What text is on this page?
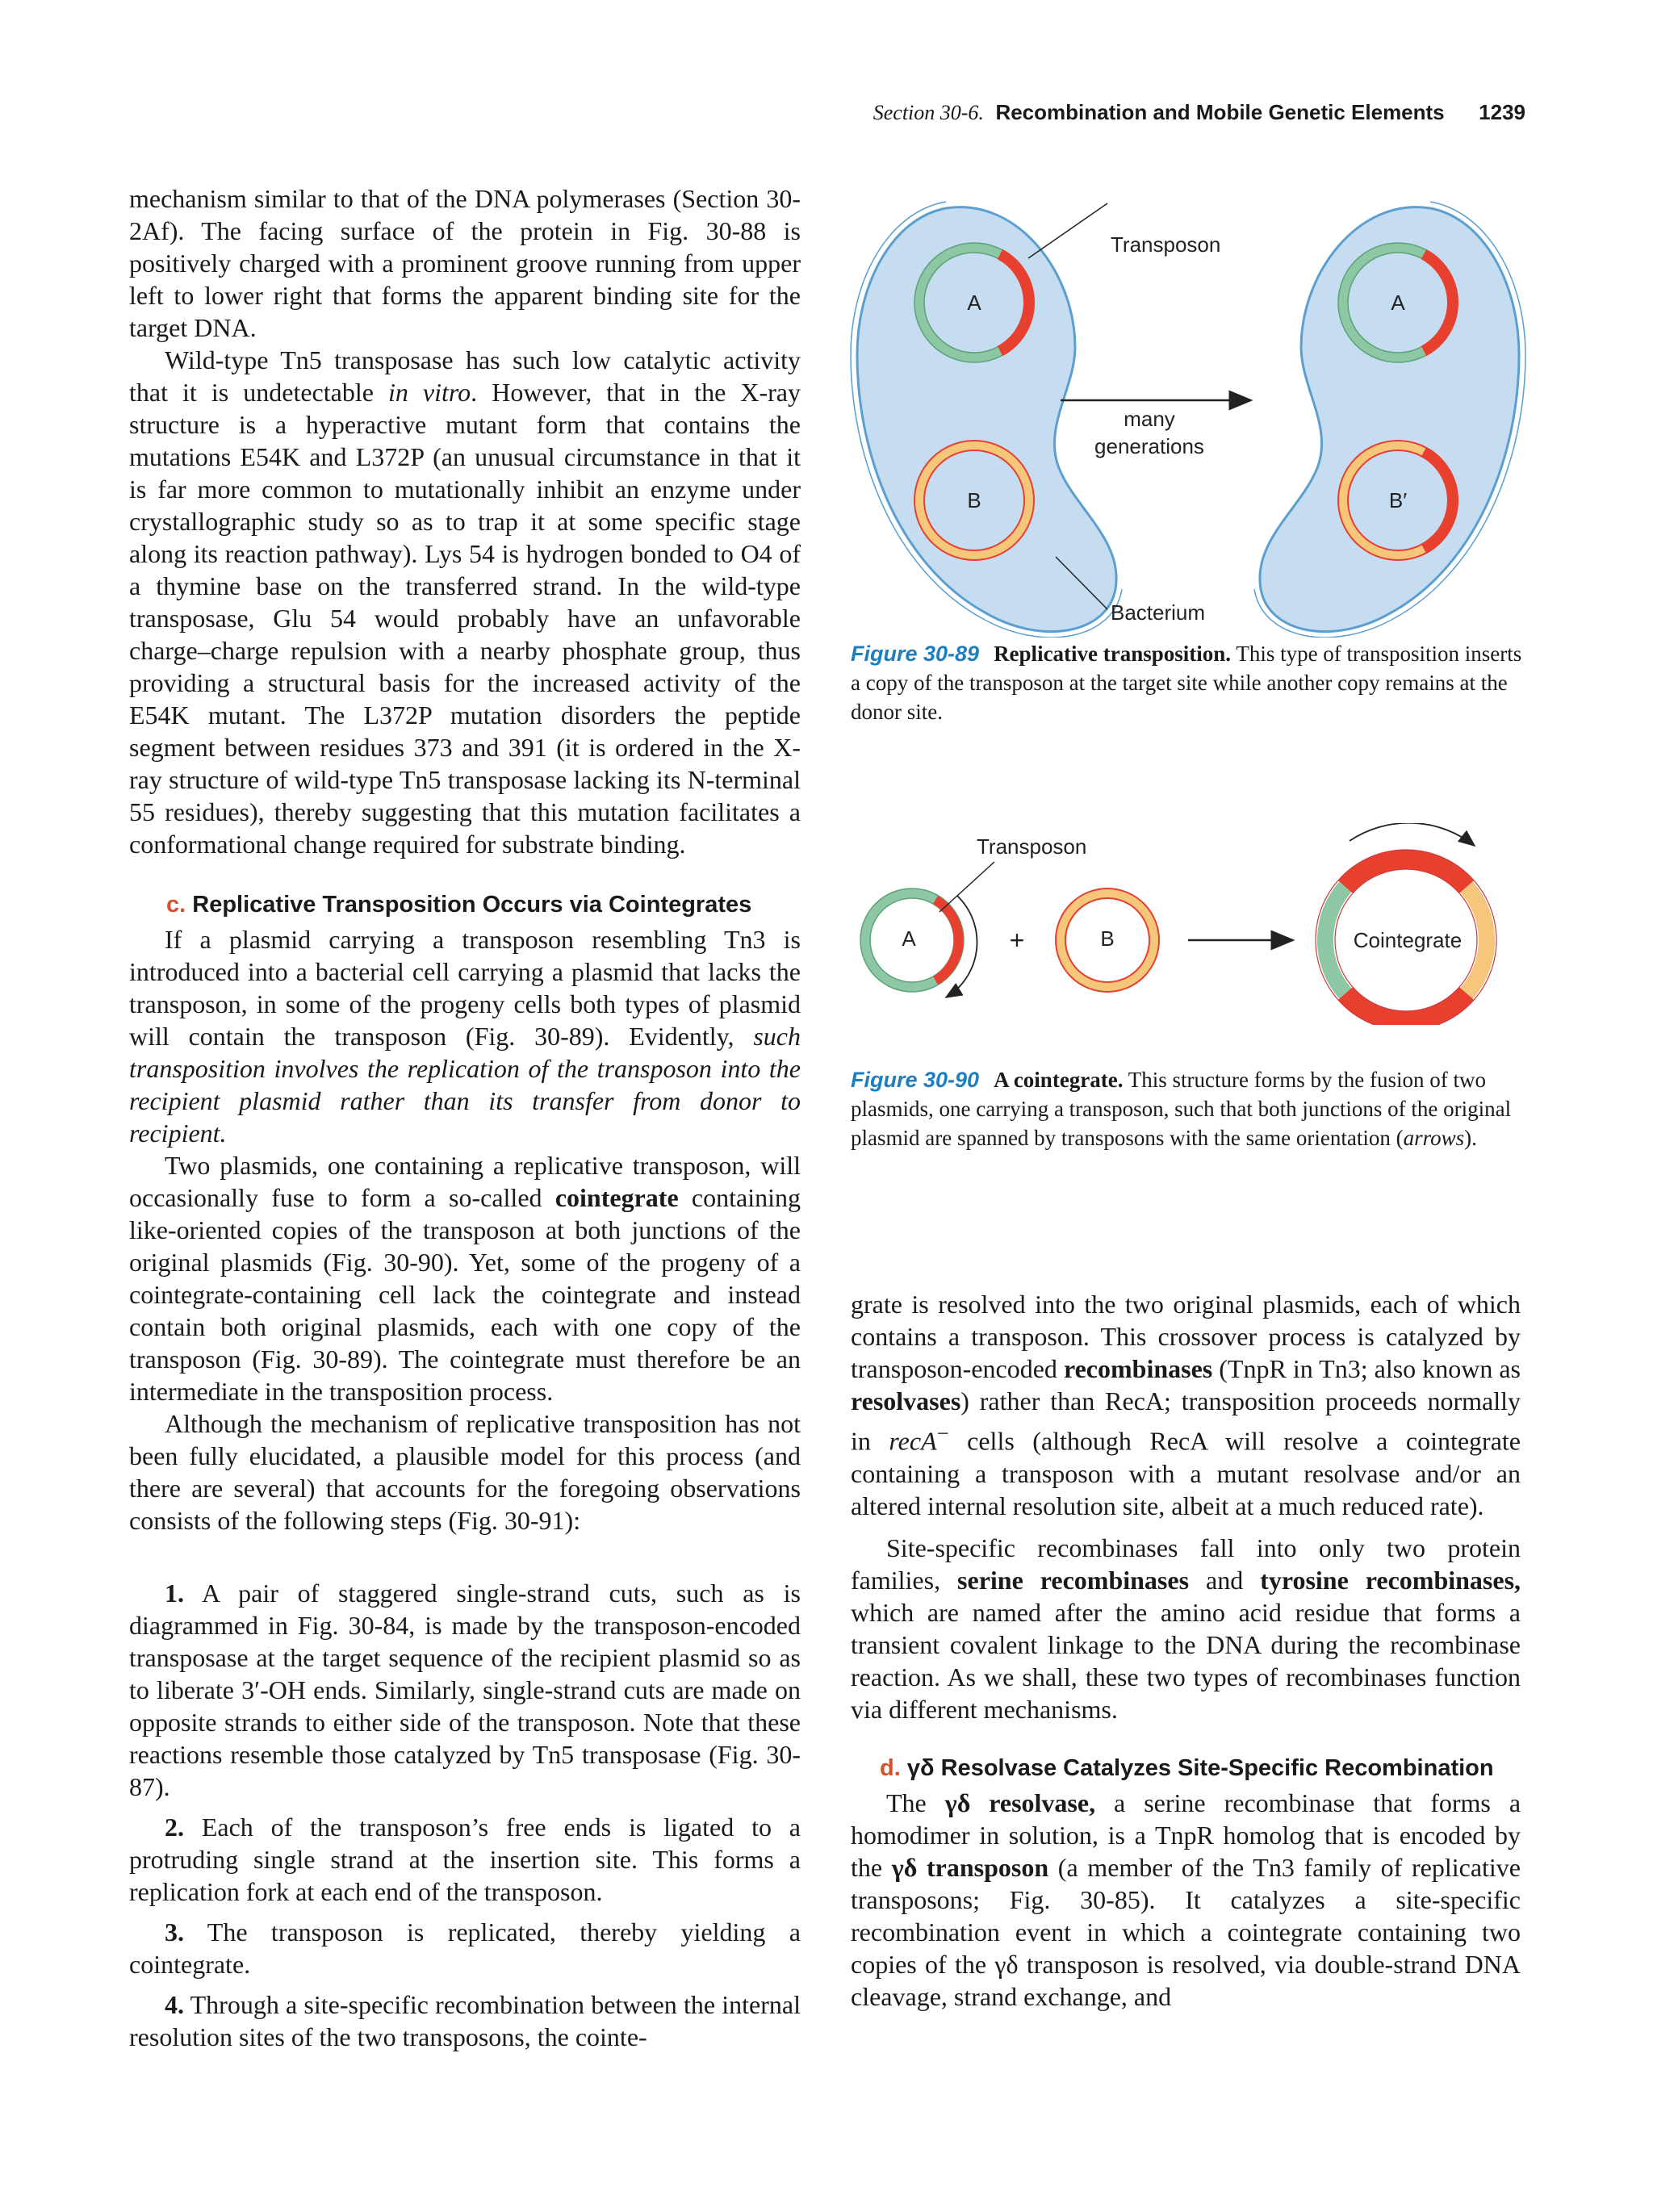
Section 30-6. Recombination and Mobile Genetic Elements 1239

mechanism similar to that of the DNA polymerases (Section 30-2Af). The facing surface of the protein in Fig. 30-88 is positively charged with a prominent groove running from upper left to lower right that forms the apparent binding site for the target DNA.

Wild-type Tn5 transposase has such low catalytic activity that it is undetectable in vitro. However, that in the X-ray structure is a hyperactive mutant form that contains the mutations E54K and L372P (an unusual circumstance in that it is far more common to mutationally inhibit an enzyme under crystallographic study so as to trap it at some specific stage along its reaction pathway). Lys 54 is hydrogen bonded to O4 of a thymine base on the transferred strand. In the wild-type transposase, Glu 54 would probably have an unfavorable charge–charge repulsion with a nearby phosphate group, thus providing a structural basis for the increased activity of the E54K mutant. The L372P mutation disorders the peptide segment between residues 373 and 391 (it is ordered in the X-ray structure of wild-type Tn5 transposase lacking its N-terminal 55 residues), thereby suggesting that this mutation facilitates a conformational change required for substrate binding.

c. Replicative Transposition Occurs via Cointegrates

If a plasmid carrying a transposon resembling Tn3 is introduced into a bacterial cell carrying a plasmid that lacks the transposon, in some of the progeny cells both types of plasmid will contain the transposon (Fig. 30-89). Evidently, such transposition involves the replication of the transposon into the recipient plasmid rather than its transfer from donor to recipient.

Two plasmids, one containing a replicative transposon, will occasionally fuse to form a so-called cointegrate containing like-oriented copies of the transposon at both junctions of the original plasmids (Fig. 30-90). Yet, some of the progeny of a cointegrate-containing cell lack the cointegrate and instead contain both original plasmids, each with one copy of the transposon (Fig. 30-89). The cointegrate must therefore be an intermediate in the transposition process.

Although the mechanism of replicative transposition has not been fully elucidated, a plausible model for this process (and there are several) that accounts for the foregoing observations consists of the following steps (Fig. 30-91):

1. A pair of staggered single-strand cuts, such as is diagrammed in Fig. 30-84, is made by the transposon-encoded transposase at the target sequence of the recipient plasmid so as to liberate 3′-OH ends. Similarly, single-strand cuts are made on opposite strands to either side of the transposon. Note that these reactions resemble those catalyzed by Tn5 transposase (Fig. 30-87).

2. Each of the transposon’s free ends is ligated to a protruding single strand at the insertion site. This forms a replication fork at each end of the transposon.

3. The transposon is replicated, thereby yielding a cointegrate.

4. Through a site-specific recombination between the internal resolution sites of the two transposons, the cointe-

A
B
A
B′
Transposon
Bacterium
many
generations
Figure 30-89 Replicative transposition. This type of transposition inserts a copy of the transposon at the target site while another copy remains at the donor site.
A
Transposon
+	B	Cointegrate
Figure 30-90 A cointegrate. This structure forms by the fusion of two plasmids, one carrying a transposon, such that both junctions of the original plasmid are spanned by transposons with the same orientation (arrows).

grate is resolved into the two original plasmids, each of which contains a transposon. This crossover process is catalyzed by transposon-encoded recombinases (TnpR in Tn3; also known as resolvases) rather than RecA; transposition proceeds normally in recA− cells (although RecA will resolve a cointegrate containing a transposon with a mutant resolvase and/or an altered internal resolution site, albeit at a much reduced rate).

Site-specific recombinases fall into only two protein families, serine recombinases and tyrosine recombinases, which are named after the amino acid residue that forms a transient covalent linkage to the DNA during the recombinase reaction. As we shall, these two types of recombinases function via different mechanisms.

d. γδ Resolvase Catalyzes Site-Specific Recombination

The γδ resolvase, a serine recombinase that forms a homodimer in solution, is a TnpR homolog that is encoded by the γδ transposon (a member of the Tn3 family of replicative transposons; Fig. 30-85). It catalyzes a site-specific recombination event in which a cointegrate containing two copies of the γδ transposon is resolved, via double-strand DNA cleavage, strand exchange, and
